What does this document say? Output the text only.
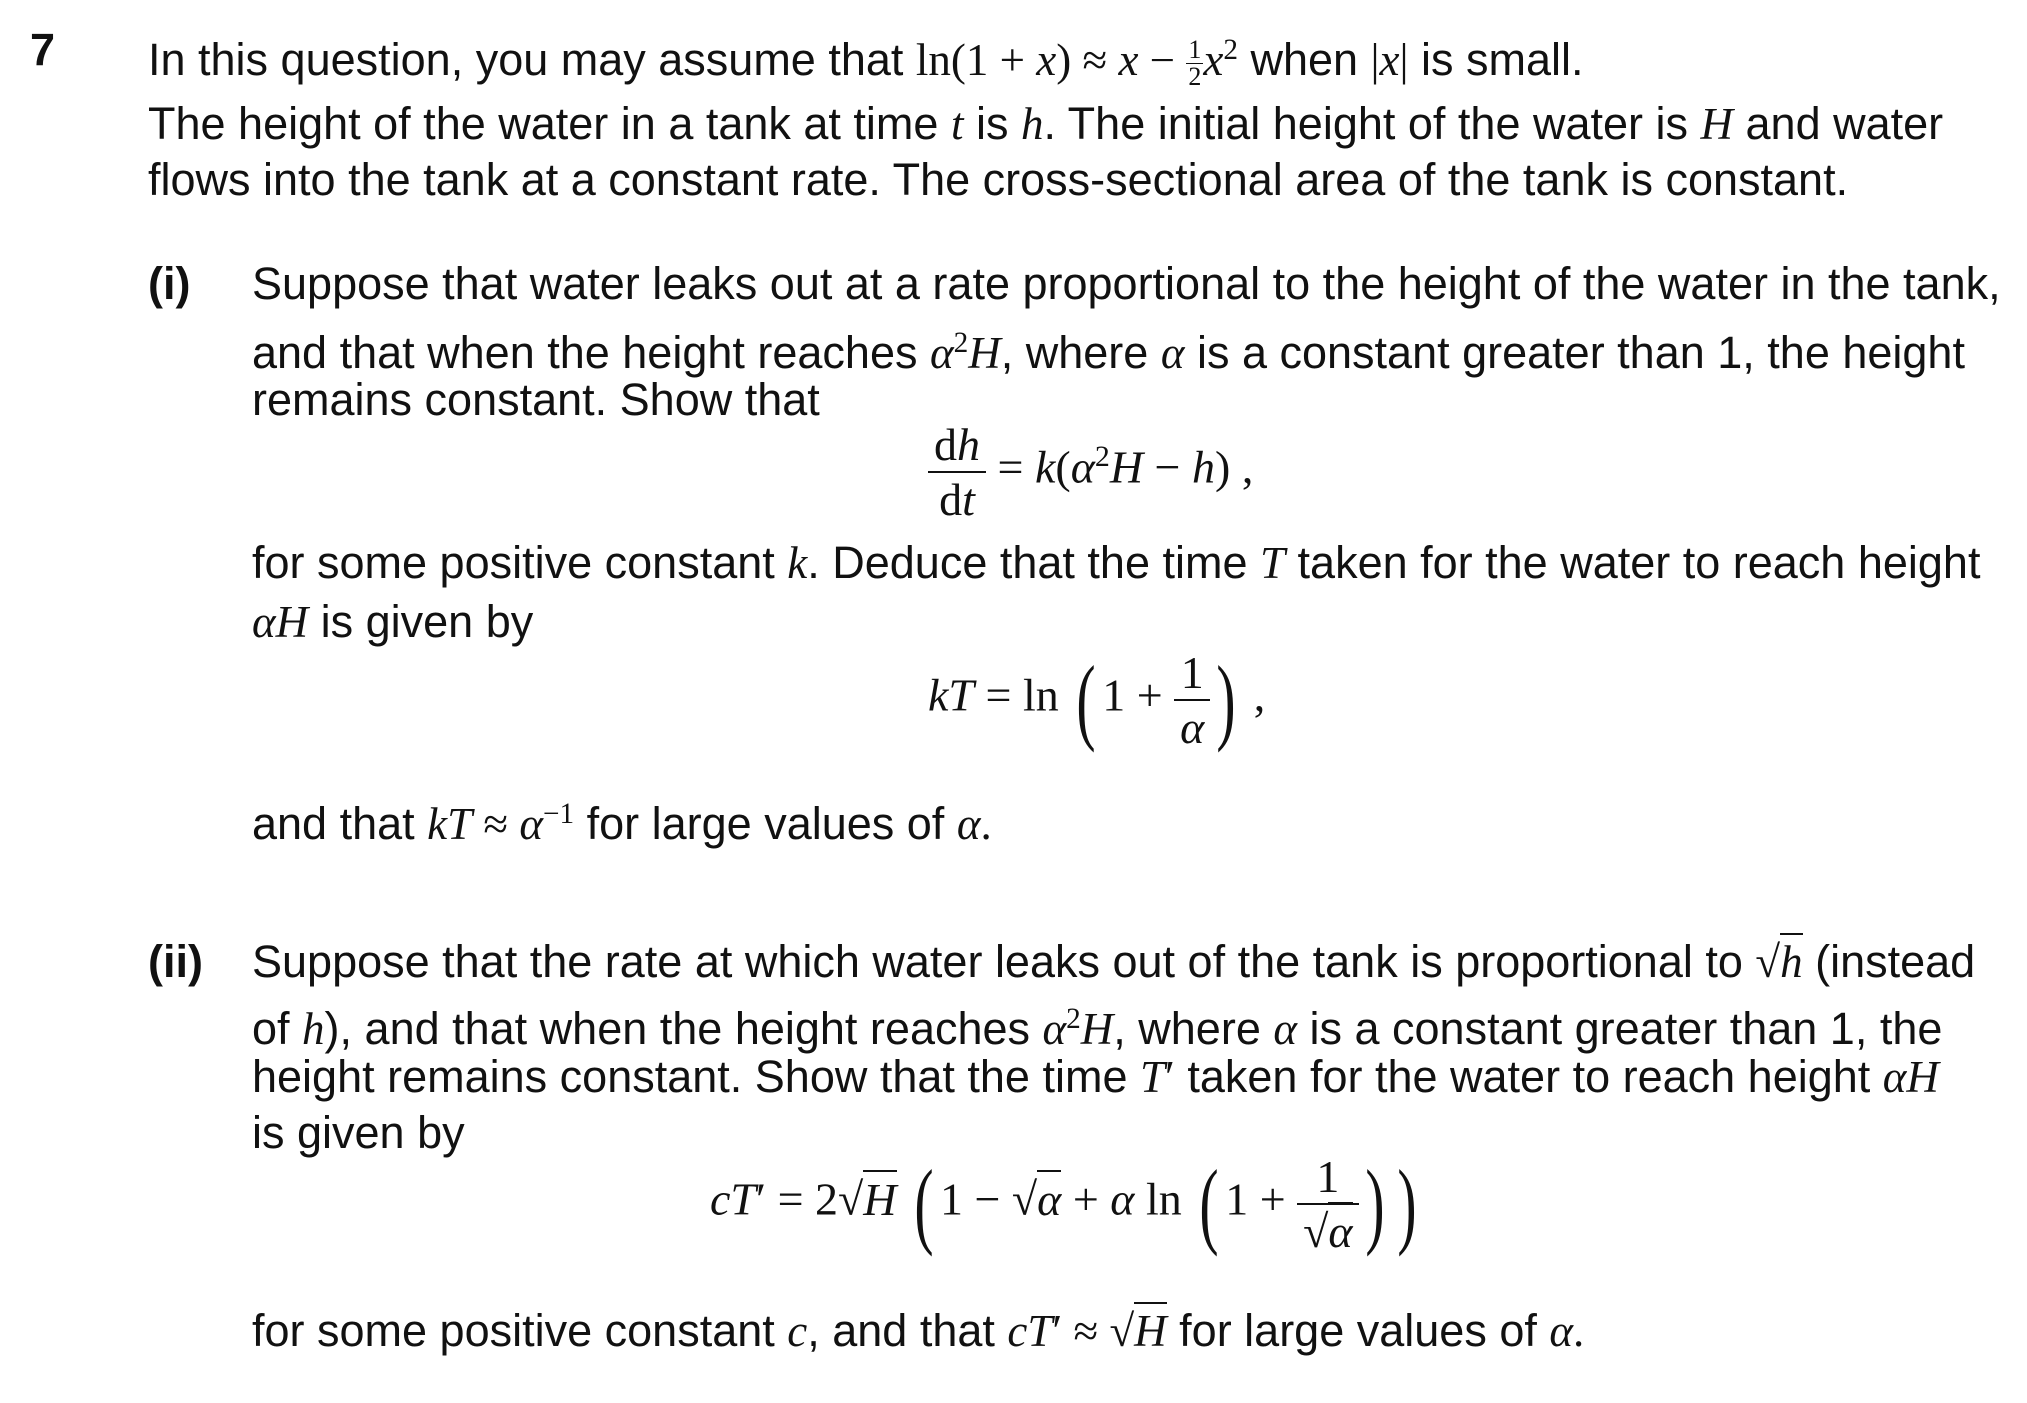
7 In this question, you may assume that $\ln(1 + x) \approx x - \frac{1}{2} x^2$ when |x| is small.
The height of the water in a tank at time t is h. The initial height of the water is H and water
flows into the tank at a constant rate. The cross-sectional area of the tank is constant.
(i) Suppose that water leaks out at a rate proportional to the height of the water in the tank,
and that when the height reaches $\alpha^2H$, where α is a constant greater than 1, the height
remains constant. Show that
$\frac{dh}{dt} = k(\alpha^2H - h)$ ,
for some positive constant k. Deduce that the time T taken for the water to reach height
αH is given by
kT = ln ( $1 + \frac{1}{\alpha}$ ) ,
and that kT ≈ $\alpha^{-1}$ for large values of α.
(ii) Suppose that the rate at which water leaks out of the tank is proportional to √h (instead
of h), and that when the height reaches $\alpha^2H$, where α is a constant greater than 1, the
height remains constant. Show that the time T′ taken for the water to reach height αH
is given by
cT′ = 2√H ( 1 − √α + α ln ( $1 + \frac{1}{√\alpha}$ ) )
for some positive constant c, and that cT′ ≈ √H for large values of α.
